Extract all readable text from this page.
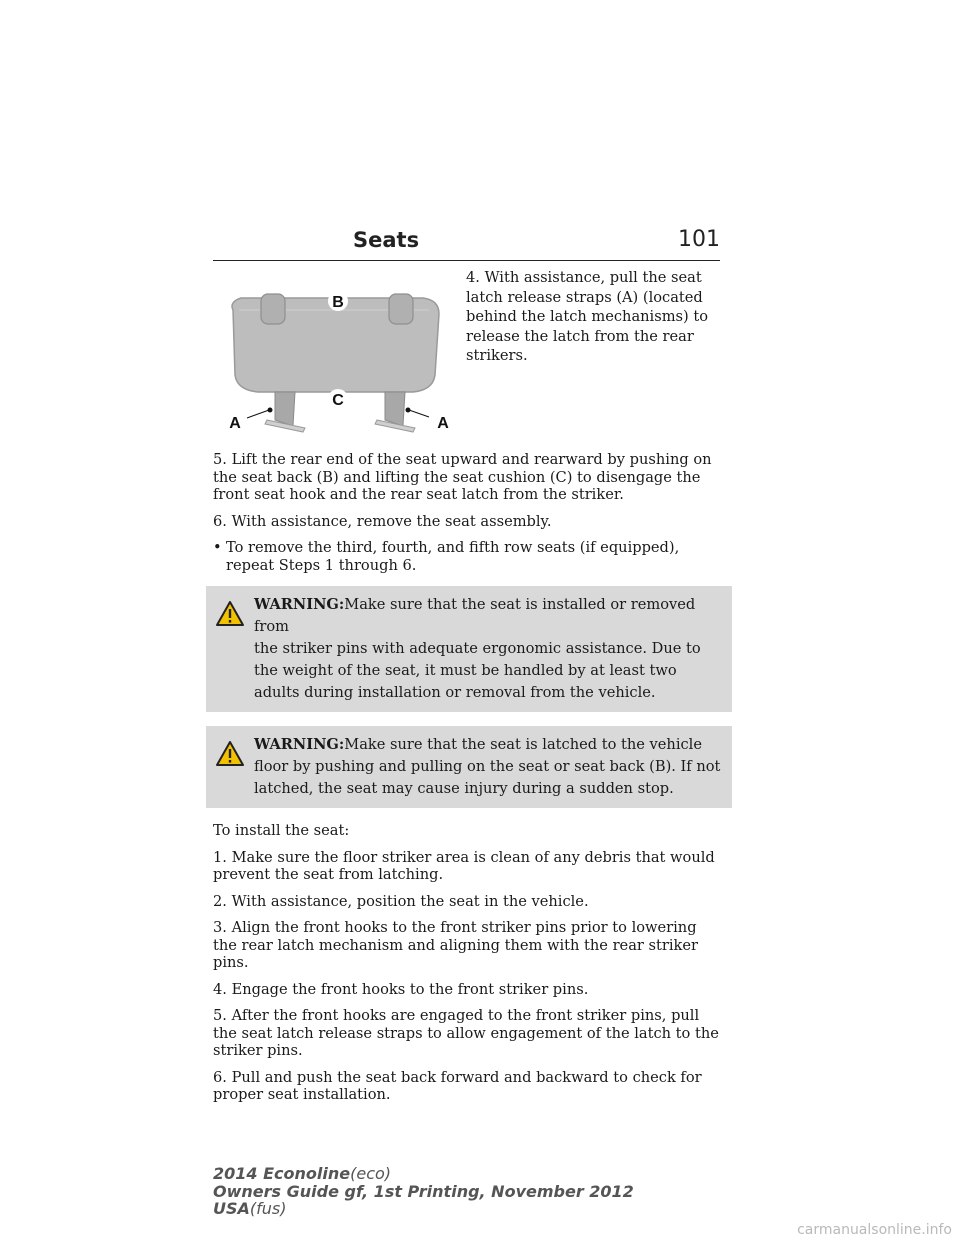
Seats	101
B
C
A	A
4. With assistance, pull the seat latch release straps (A) (located behind the latch mechanisms) to release the latch from the rear strikers.

5. Lift the rear end of the seat upward and rearward by pushing on the seat back (B) and lifting the seat cushion (C) to disengage the front seat hook and the rear seat latch from the striker.

6. With assistance, remove the seat assembly.

• To remove the third, fourth, and fifth row seats (if equipped), repeat Steps 1 through 6.
WARNING:Make sure that the seat is installed or removed from
the striker pins with adequate ergonomic assistance. Due to the weight of the seat, it must be handled by at least two adults during installation or removal from the vehicle.
WARNING:Make sure that the seat is latched to the vehicle
floor by pushing and pulling on the seat or seat back (B). If not latched, the seat may cause injury during a sudden stop.

To install the seat:

1. Make sure the floor striker area is clean of any debris that would prevent the seat from latching.

2. With assistance, position the seat in the vehicle.

3. Align the front hooks to the front striker pins prior to lowering the rear latch mechanism and aligning them with the rear striker pins.

4. Engage the front hooks to the front striker pins.

5. After the front hooks are engaged to the front striker pins, pull the seat latch release straps to allow engagement of the latch to the striker pins.

6. Pull and push the seat back forward and backward to check for proper seat installation.

2014 Econoline(eco)
Owners Guide gf, 1st Printing, November 2012
USA(fus)
carmanualsonline.info
